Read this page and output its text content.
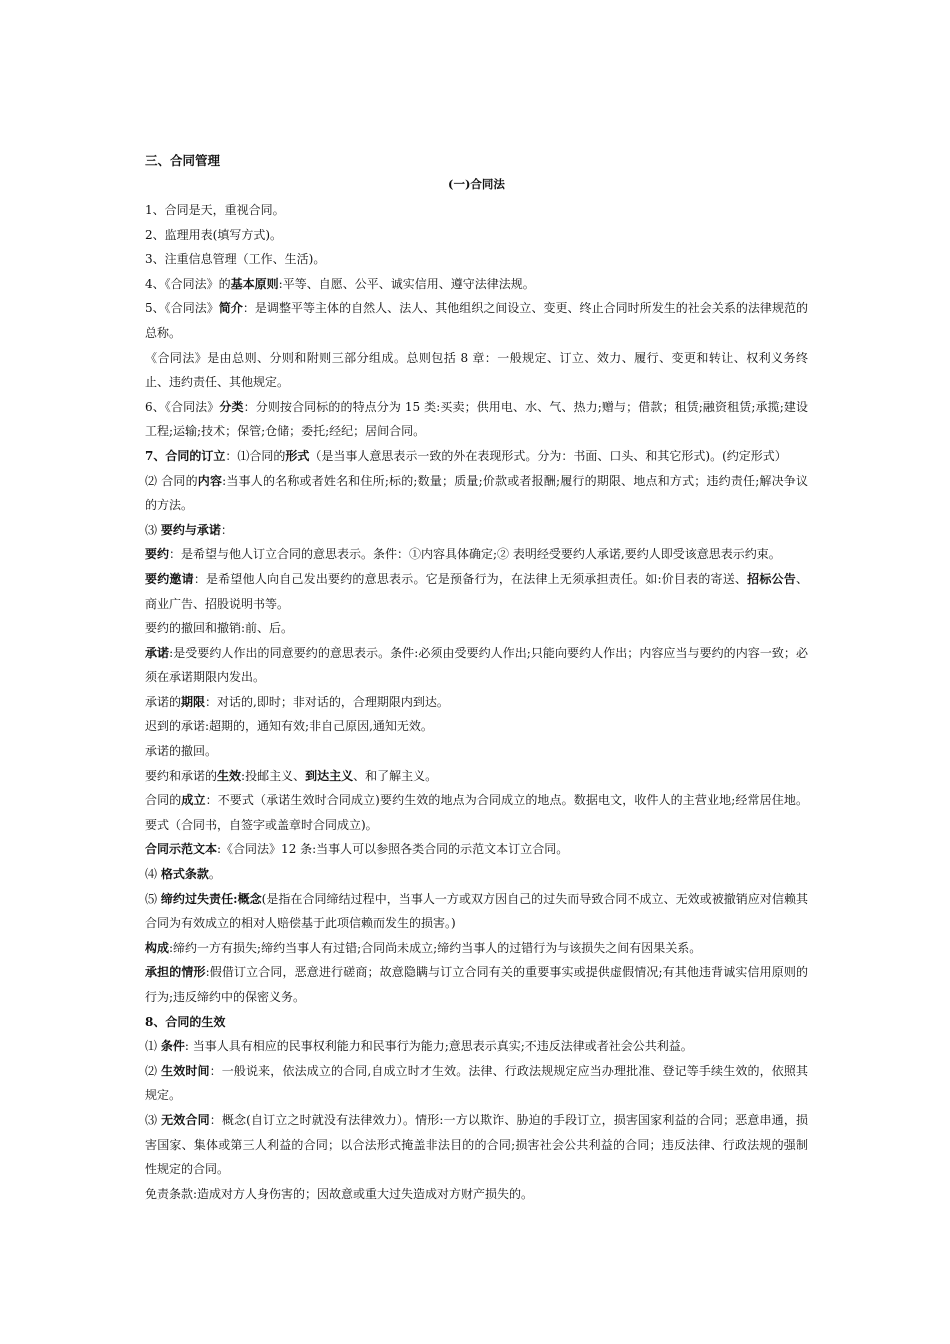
三、合同管理
(一)合同法

1、合同是天，重视合同。

2、监理用表(填写方式)。

3、注重信息管理（工作、生活)。

4、《合同法》的基本原则:平等、自愿、公平、诚实信用、遵守法律法规。

5、《合同法》简介：是调整平等主体的自然人、法人、其他组织之间设立、变更、终止合同时所发生的社会关系的法律规范的总称。

《合同法》是由总则、分则和附则三部分组成。总则包括 8 章：一般规定、订立、效力、履行、变更和转让、权利义务终止、违约责任、其他规定。

6、《合同法》分类：分则按合同标的的特点分为 15 类:买卖；供用电、水、气、热力;赠与；借款；租赁;融资租赁;承揽;建设工程;运输;技术；保管;仓储；委托;经纪；居间合同。

7、合同的订立：⑴合同的形式（是当事人意思表示一致的外在表现形式。分为：书面、口头、和其它形式)。(约定形式）

⑵ 合同的内容:当事人的名称或者姓名和住所;标的;数量；质量;价款或者报酬;履行的期限、地点和方式；违约责任;解决争议的方法。

⑶ 要约与承诺：

要约：是希望与他人订立合同的意思表示。条件：①内容具体确定;② 表明经受要约人承诺,要约人即受该意思表示约束。

要约邀请：是希望他人向自己发出要约的意思表示。它是预备行为，在法律上无须承担责任。如:价目表的寄送、招标公告、商业广告、招股说明书等。

要约的撤回和撤销:前、后。

承诺:是受要约人作出的同意要约的意思表示。条件:必须由受要约人作出;只能向要约人作出；内容应当与要约的内容一致；必须在承诺期限内发出。

承诺的期限：对话的,即时；非对话的，合理期限内到达。

迟到的承诺:超期的，通知有效;非自己原因,通知无效。

承诺的撤回。

要约和承诺的生效:投邮主义、到达主义、和了解主义。

合同的成立：不要式（承诺生效时合同成立)要约生效的地点为合同成立的地点。数据电文，收件人的主营业地;经常居住地。要式（合同书，自签字或盖章时合同成立)。

合同示范文本:《合同法》12 条:当事人可以参照各类合同的示范文本订立合同。

⑷ 格式条款。

⑸ 缔约过失责任:概念(是指在合同缔结过程中，当事人一方或双方因自己的过失而导致合同不成立、无效或被撤销应对信赖其合同为有效成立的相对人赔偿基于此项信赖而发生的损害。)

构成:缔约一方有损失;缔约当事人有过错;合同尚未成立;缔约当事人的过错行为与该损失之间有因果关系。

承担的情形:假借订立合同，恶意进行磋商；故意隐瞒与订立合同有关的重要事实或提供虚假情况;有其他违背诚实信用原则的行为;违反缔约中的保密义务。

8、合同的生效

⑴ 条件: 当事人具有相应的民事权利能力和民事行为能力;意思表示真实;不违反法律或者社会公共利益。

⑵ 生效时间：一般说来，依法成立的合同,自成立时才生效。法律、行政法规规定应当办理批准、登记等手续生效的，依照其规定。

⑶ 无效合同：概念(自订立之时就没有法律效力）。情形:一方以欺诈、胁迫的手段订立，损害国家利益的合同；恶意串通，损害国家、集体或第三人利益的合同；以合法形式掩盖非法目的的合同;损害社会公共利益的合同；违反法律、行政法规的强制性规定的合同。

免责条款:造成对方人身伤害的；因故意或重大过失造成对方财产损失的。
